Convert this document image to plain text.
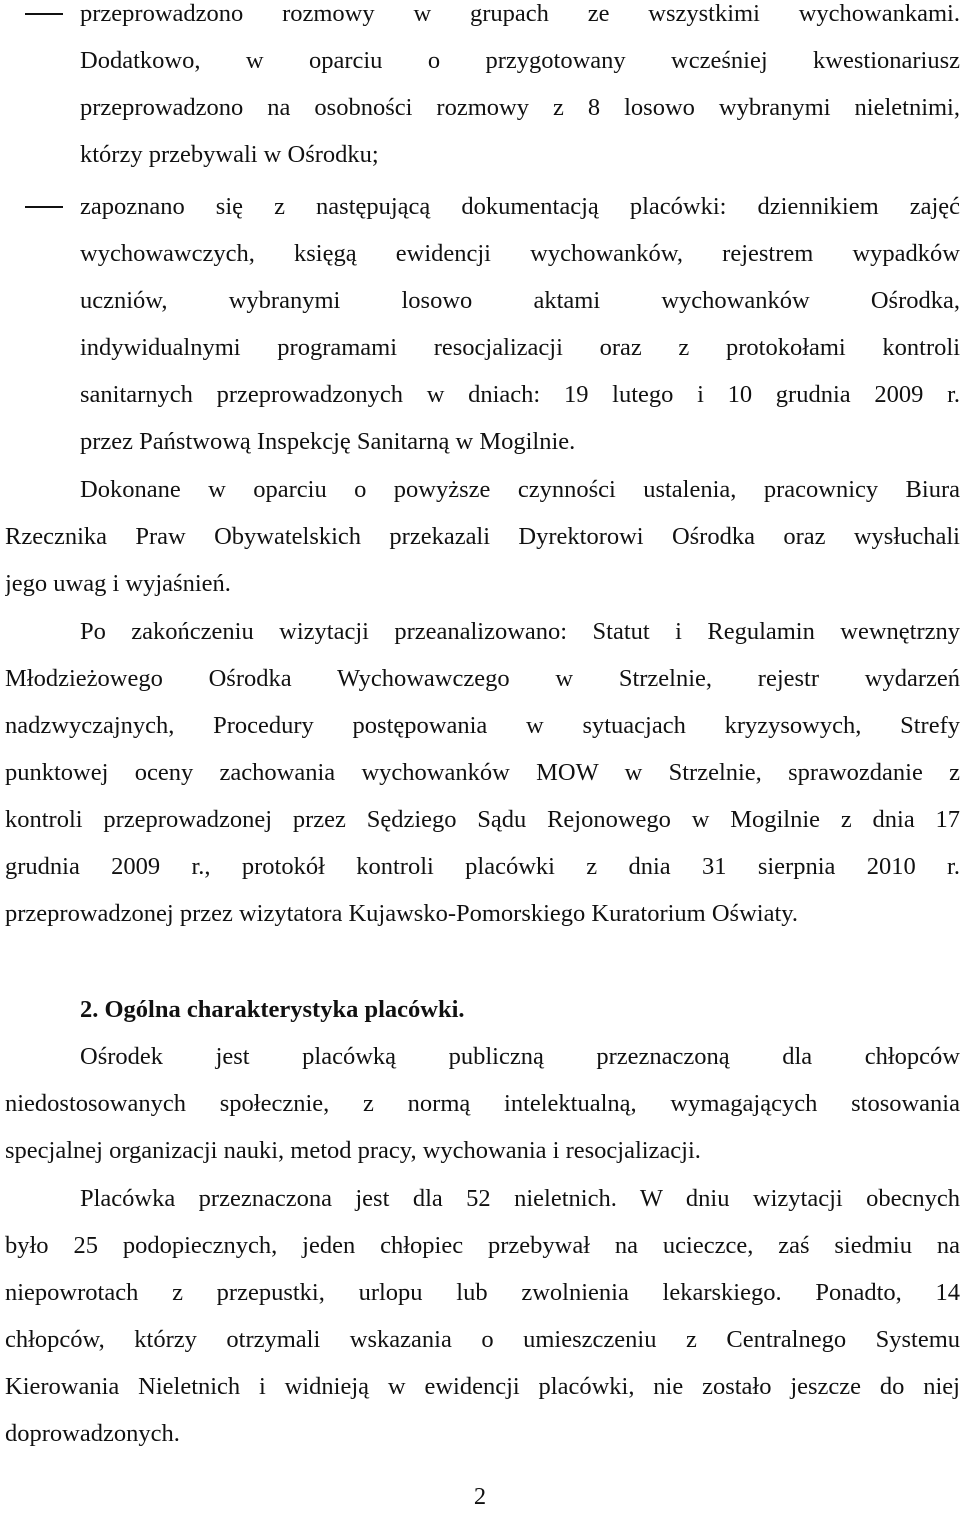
przeprowadzono rozmowy w grupach ze wszystkimi wychowankami.
Dodatkowo, w oparciu o przygotowany wcześniej kwestionariusz
przeprowadzono na osobności rozmowy z 8 losowo wybranymi nieletnimi,
którzy przebywali w Ośrodku;
zapoznano się z następującą dokumentacją placówki: dziennikiem zajęć
wychowawczych, księgą ewidencji wychowanków, rejestrem wypadków
uczniów, wybranymi losowo aktami wychowanków Ośrodka,
indywidualnymi programami resocjalizacji oraz z protokołami kontroli
sanitarnych przeprowadzonych w dniach: 19 lutego i 10 grudnia 2009 r.
przez Państwową Inspekcję Sanitarną w Mogilnie.
Dokonane w oparciu o powyższe czynności ustalenia, pracownicy Biura
Rzecznika Praw Obywatelskich przekazali Dyrektorowi Ośrodka oraz wysłuchali
jego uwag i wyjaśnień.
Po zakończeniu wizytacji przeanalizowano: Statut i Regulamin wewnętrzny
Młodzieżowego Ośrodka Wychowawczego w Strzelnie, rejestr wydarzeń
nadzwyczajnych, Procedury postępowania w sytuacjach kryzysowych, Strefy
punktowej oceny zachowania wychowanków MOW w Strzelnie, sprawozdanie z
kontroli przeprowadzonej przez Sędziego Sądu Rejonowego w Mogilnie z dnia 17
grudnia 2009 r., protokół kontroli placówki z dnia 31 sierpnia 2010 r.
przeprowadzonej przez wizytatora Kujawsko-Pomorskiego Kuratorium Oświaty.
2. Ogólna charakterystyka placówki.
Ośrodek jest placówką publiczną przeznaczoną dla chłopców
niedostosowanych społecznie, z normą intelektualną, wymagających stosowania
specjalnej organizacji nauki, metod pracy, wychowania i resocjalizacji.
Placówka przeznaczona jest dla 52 nieletnich. W dniu wizytacji obecnych
było 25 podopiecznych, jeden chłopiec przebywał na ucieczce, zaś siedmiu na
niepowrotach z przepustki, urlopu lub zwolnienia lekarskiego. Ponadto, 14
chłopców, którzy otrzymali wskazania o umieszczeniu z Centralnego Systemu
Kierowania Nieletnich i widnieją w ewidencji placówki, nie zostało jeszcze do niej
doprowadzonych.
2
